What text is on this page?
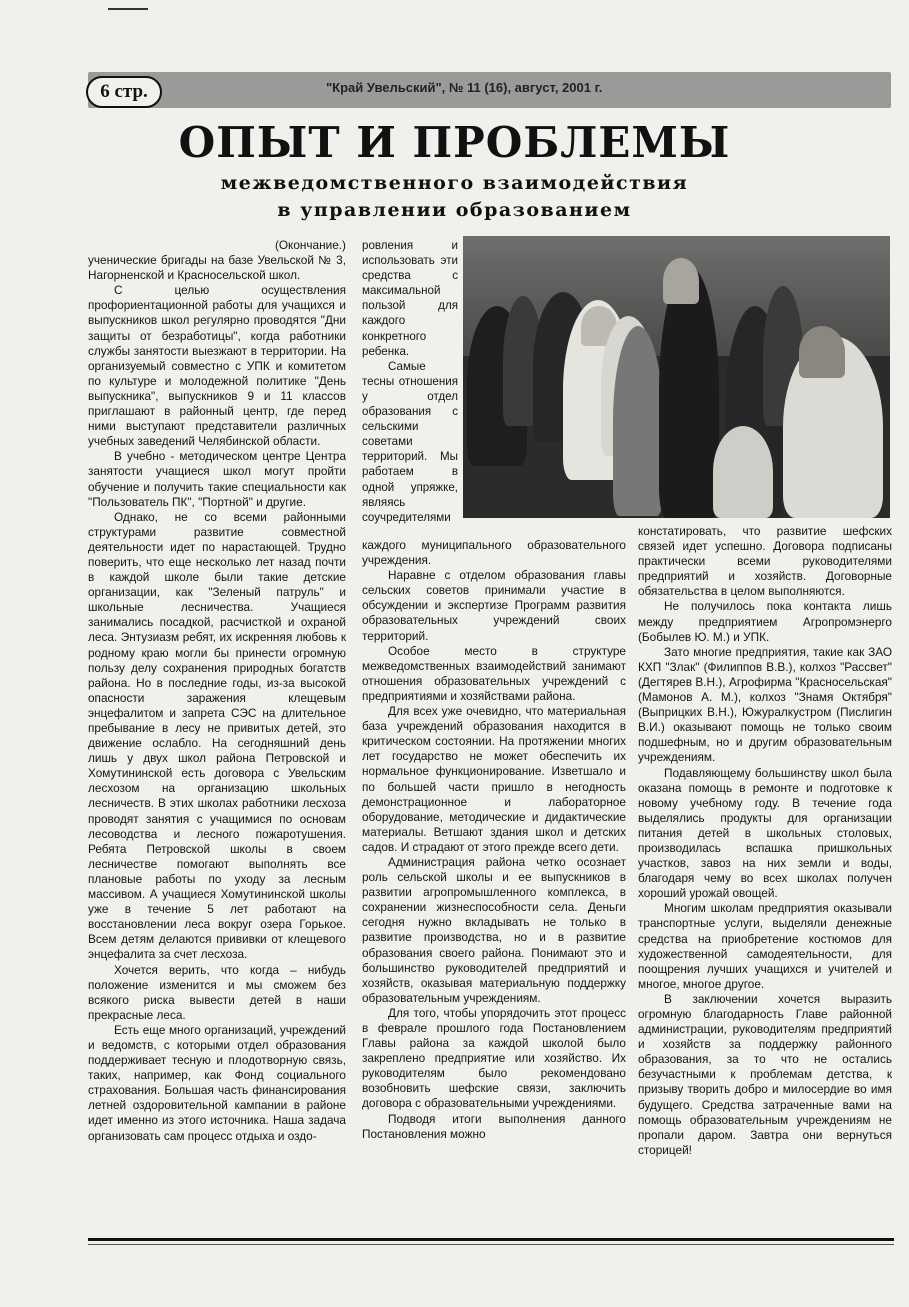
6 стр.	"Край Увельский", № 11 (16), август, 2001 г.
ОПЫТ И ПРОБЛЕМЫ
межведомственного взаимодействия
в управлении образованием

(Окончание.)

ученические бригады на базе Увельской № 3, Нагорненской и Красносельской школ.

С целью осуществления профориентационной работы для учащихся и выпускников школ регулярно проводятся "Дни защиты от безработицы", когда работники службы занятости выезжают в территории. На организуемый совместно с УПК и комитетом по культуре и молодежной политике "День выпускника", выпускников 9 и 11 классов приглашают в районный центр, где перед ними выступают представители различных учебных заведений Челябинской области.

В учебно - методическом центре Центра занятости учащиеся школ могут пройти обучение и получить такие специальности как "Пользователь ПК", "Портной" и другие.

Однако, не со всеми районными структурами развитие совместной деятельности идет по нарастающей. Трудно поверить, что еще несколько лет назад почти в каждой школе были такие детские организации, как "Зеленый патруль" и школьные лесничества. Учащиеся занимались посадкой, расчисткой и охраной леса. Энтузиазм ребят, их искренняя любовь к родному краю могли бы принести огромную пользу делу сохранения природных богатств района. Но в последние годы, из-за высокой опасности заражения клещевым энцефалитом и запрета СЭС на длительное пребывание в лесу не привитых детей, это движение ослабло. На сегодняшний день лишь у двух школ района Петровской и Хомутининской есть договора с Увельским лесхозом на организацию школьных лесничеств. В этих школах работники лесхоза проводят занятия с учащимися по основам лесоводства и лесного пожаротушения. Ребята Петровской школы в своем лесничестве помогают выполнять все плановые работы по уходу за лесным массивом. А учащиеся Хомутининской школы уже в течение 5 лет работают на восстановлении леса вокруг озера Горькое. Всем детям делаются прививки от клещевого энцефалита за счет лесхоза.

Хочется верить, что когда – нибудь положение изменится и мы сможем без всякого риска вывести детей в наши прекрасные леса.

Есть еще много организаций, учреждений и ведомств, с которыми отдел образования поддерживает тесную и плодотворную связь, таких, например, как Фонд социального страхования. Большая часть финансирования летней оздоровительной кампании в районе идет именно из этого источника. Наша задача организовать сам процесс отдыха и оздо-

ровления и использовать эти средства с максимальной пользой для каждого конкретного ребенка.

Самые тесны отношения у отдел образования с сельскими советами территорий. Мы работаем в одной упряжке, являясь соучредителями

каждого муниципального образовательного учреждения.

Наравне с отделом образования главы сельских советов принимали участие в обсуждении и экспертизе Программ развития образовательных учреждений своих территорий.

Особое место в структуре межведомственных взаимодействий занимают отношения образовательных учреждений с предприятиями и хозяйствами района.

Для всех уже очевидно, что материальная база учреждений образования находится в критическом состоянии. На протяжении многих лет государство не может обеспечить их нормальное функционирование. Изветшало и по большей части пришло в негодность демонстрационное и лабораторное оборудование, методические и дидактические материалы. Ветшают здания школ и детских садов. И страдают от этого прежде всего дети.

Администрация района четко осознает роль сельской школы и ее выпускников в развитии агропромышленного комплекса, в сохранении жизнеспособности села. Деньги сегодня нужно вкладывать не только в развитие производства, но и в развитие образования своего района. Понимают это и большинство руководителей предприятий и хозяйств, оказывая материальную поддержку образовательным учреждениям.

Для того, чтобы упорядочить этот процесс в феврале прошлого года Постановлением Главы района за каждой школой было закреплено предприятие или хозяйство. Их руководителям было рекомендовано возобновить шефские связи, заключить договора с образовательными учреждениями.

Подводя итоги выполнения данного Постановления можно

констатировать, что развитие шефских связей идет успешно. Договора подписаны практически всеми руководителями предприятий и хозяйств. Договорные обязательства в целом выполняются.

Не получилось пока контакта лишь между предприятием Агропромэнерго (Бобылев Ю. М.) и УПК.

Зато многие предприятия, такие как ЗАО КХП "Злак" (Филиппов В.В.), колхоз "Рассвет" (Дегтярев В.Н.), Агрофирма "Красносельская" (Мамонов А. М.), колхоз "Знамя Октября" (Выприцких В.Н.), Южуралкустром (Пислигин В.И.) оказывают помощь не только своим подшефным, но и другим образовательным учреждениям.

Подавляющему большинству школ была оказана помощь в ремонте и подготовке к новому учебному году. В течение года выделялись продукты для организации питания детей в школьных столовых, производилась вспашка пришкольных участков, завоз на них земли и воды, благодаря чему во всех школах получен хороший урожай овощей.

Многим школам предприятия оказывали транспортные услуги, выделяли денежные средства на приобретение костюмов для художественной самодеятельности, для поощрения лучших учащихся и учителей и многое, многое другое.

В заключении хочется выразить огромную благодарность Главе районной администрации, руководителям предприятий и хозяйств за поддержку районного образования, за то что не остались безучастными к проблемам детства, к призыву творить добро и милосердие во имя будущего. Средства затраченные вами на помощь образовательным учреждениям не пропали даром. Завтра они вернуться сторицей!
